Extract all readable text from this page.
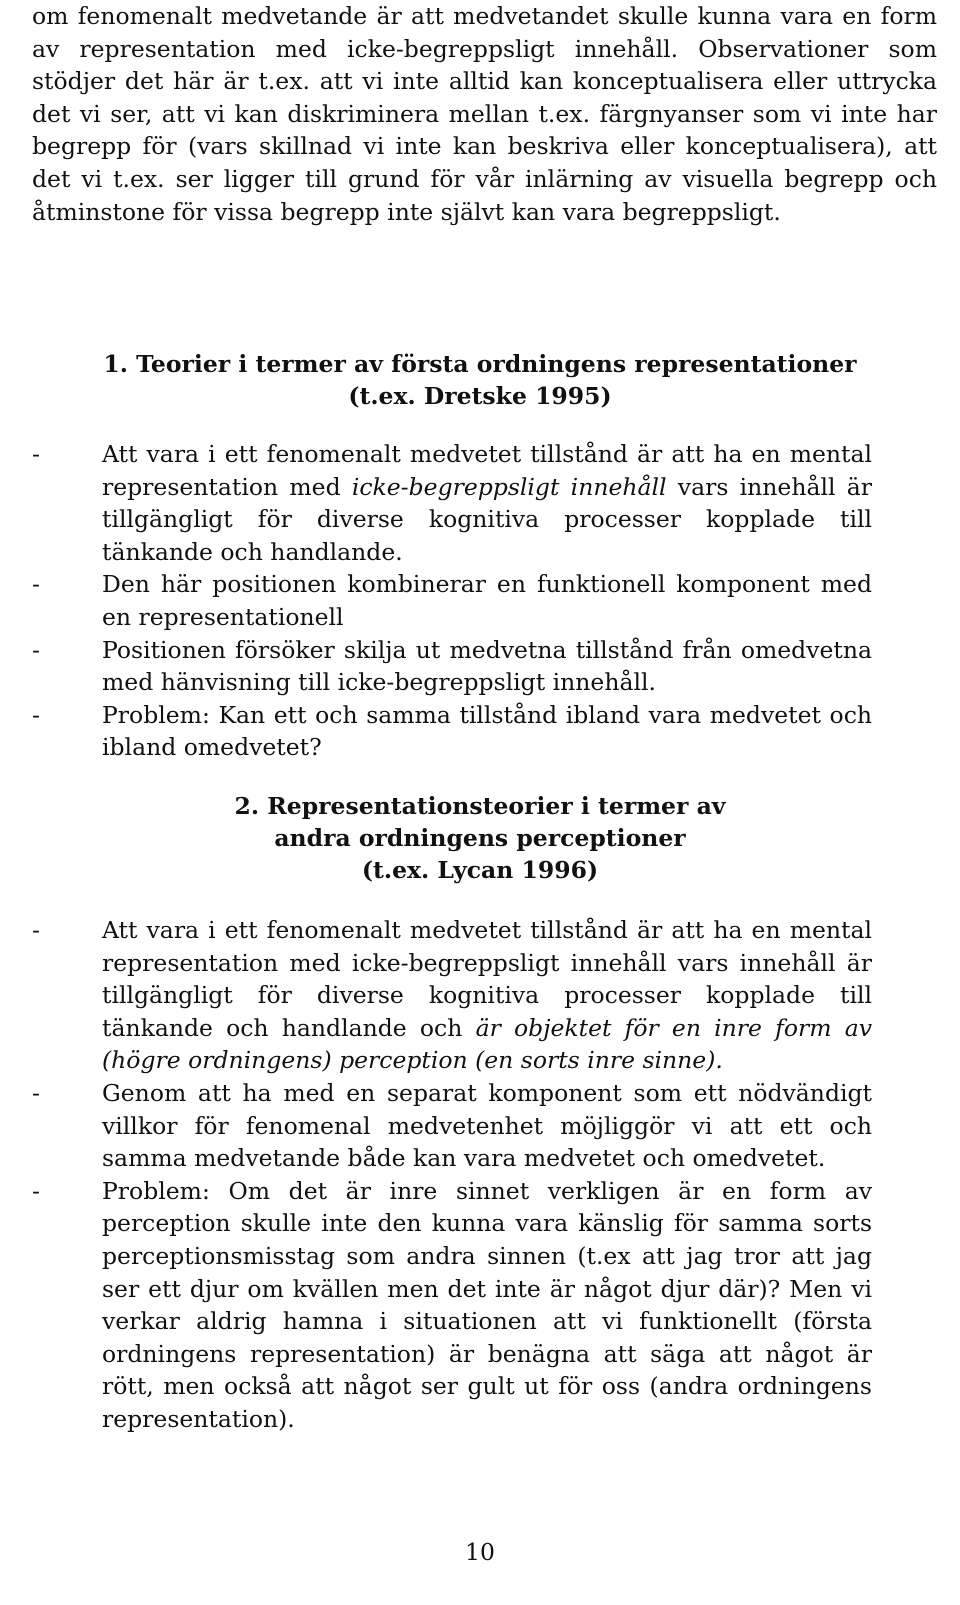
om fenomenalt medvetande är att medvetandet skulle kunna vara en form av representation med icke-begreppsligt innehåll. Observationer som stödjer det här är t.ex. att vi inte alltid kan konceptualisera eller uttrycka det vi ser, att vi kan diskriminera mellan t.ex. färgnyanser som vi inte har begrepp för (vars skillnad vi inte kan beskriva eller konceptualisera), att det vi t.ex. ser ligger till grund för vår inlärning av visuella begrepp och åtminstone för vissa begrepp inte självt kan vara begreppsligt.

1. Teorier i termer av första ordningens representationer
(t.ex. Dretske 1995)
-	Att vara i ett fenomenalt medvetet tillstånd är att ha en mental representation med icke-begreppsligt innehåll vars innehåll är tillgängligt för diverse kognitiva processer kopplade till tänkande och handlande.
-	Den här positionen kombinerar en funktionell komponent med en representationell
-	Positionen försöker skilja ut medvetna tillstånd från omedvetna med hänvisning till icke-begreppsligt innehåll.
-	Problem: Kan ett och samma tillstånd ibland vara medvetet och ibland omedvetet?
2. Representationsteorier i termer av
andra ordningens perceptioner
(t.ex. Lycan 1996)
-	Att vara i ett fenomenalt medvetet tillstånd är att ha en mental representation med icke-begreppsligt innehåll vars innehåll är tillgängligt för diverse kognitiva processer kopplade till tänkande och handlande och är objektet för en inre form av (högre ordningens) perception (en sorts inre sinne).
-	Genom att ha med en separat komponent som ett nödvändigt villkor för fenomenal medvetenhet möjliggör vi att ett och samma medvetande både kan vara medvetet och omedvetet.
-	Problem: Om det är inre sinnet verkligen är en form av perception skulle inte den kunna vara känslig för samma sorts perceptionsmisstag som andra sinnen (t.ex att jag tror att jag ser ett djur om kvällen men det inte är något djur där)? Men vi verkar aldrig hamna i situationen att vi funktionellt (första ordningens representation) är benägna att säga att något är rött, men också att något ser gult ut för oss (andra ordningens representation).
10
